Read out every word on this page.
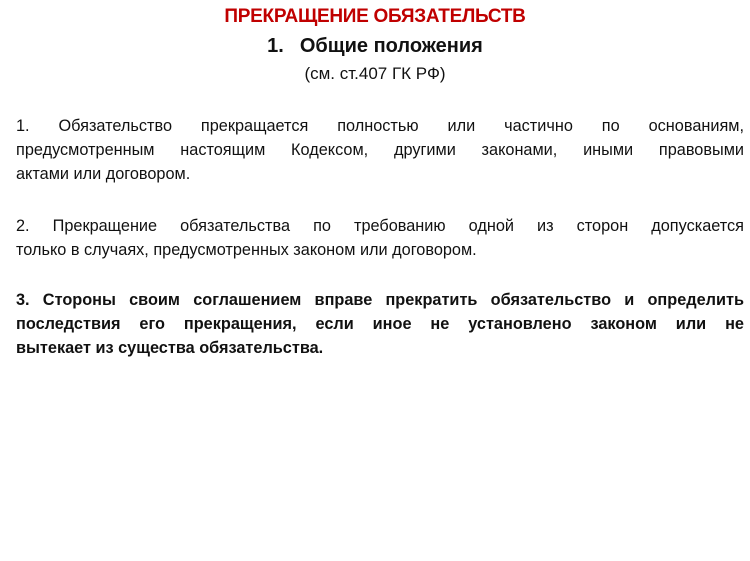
ПРЕКРАЩЕНИЕ ОБЯЗАТЕЛЬСТВ
1. Общие положения
(см. ст.407 ГК РФ)
1. Обязательство прекращается полностью или частично по основаниям,
предусмотренным настоящим Кодексом, другими законами, иными правовыми
актами или договором.
2. Прекращение обязательства по требованию одной из сторон допускается
только в случаях, предусмотренных законом или договором.
3. Стороны своим соглашением вправе прекратить обязательство и определить
последствия его прекращения, если иное не установлено законом или не
вытекает из существа обязательства.
